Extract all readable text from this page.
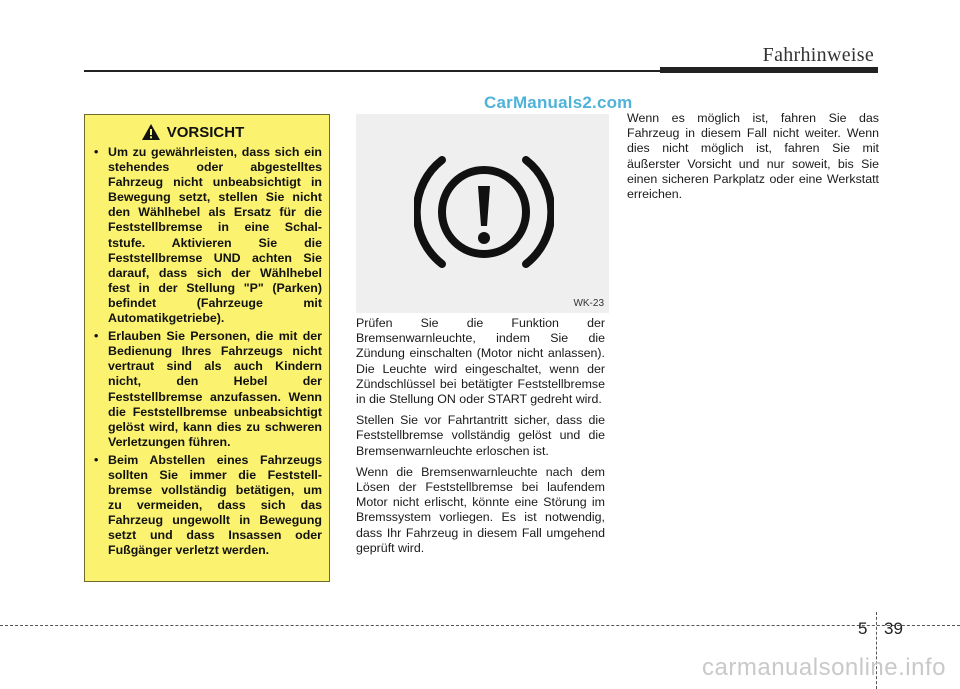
Fahrhinweise
CarManuals2.com
VORSICHT
• Um zu gewährleisten, dass sich ein stehendes oder abgestelltes Fahrzeug nicht unbeabsichtigt in Bewegung setzt, stellen Sie nicht den Wählhebel als Ersatz für die Feststellbremse in eine Schal-tstufe. Aktivieren Sie die Feststellbremse UND achten Sie darauf, dass sich der Wählhebel fest in der Stellung "P" (Parken) befindet (Fahrzeuge mit Automatikgetriebe).
• Erlauben Sie Personen, die mit der Bedienung Ihres Fahrzeugs nicht vertraut sind als auch Kindern nicht, den Hebel der Feststellbremse anzufassen. Wenn die Feststellbremse unbeabsichtigt gelöst wird, kann dies zu schweren Verletzungen führen.
• Beim Abstellen eines Fahrzeugs sollten Sie immer die Feststell-bremse vollständig betätigen, um zu vermeiden, dass sich das Fahrzeug ungewollt in Bewegung setzt und dass Insassen oder Fußgänger verletzt werden.
WK-23

Prüfen Sie die Funktion der Bremsenwarnleuchte, indem Sie die Zündung einschalten (Motor nicht anlassen). Die Leuchte wird eingeschaltet, wenn der Zündschlüssel bei betätigter Feststellbremse in die Stellung ON oder START gedreht wird.

Stellen Sie vor Fahrtantritt sicher, dass die Feststellbremse vollständig gelöst und die Bremsenwarnleuchte erloschen ist.

Wenn die Bremsenwarnleuchte nach dem Lösen der Feststellbremse bei laufendem Motor nicht erlischt, könnte eine Störung im Bremssystem vorliegen. Es ist notwendig, dass Ihr Fahrzeug in diesem Fall umgehend geprüft wird.

Wenn es möglich ist, fahren Sie das Fahrzeug in diesem Fall nicht weiter. Wenn dies nicht möglich ist, fahren Sie mit äußerster Vorsicht und nur soweit, bis Sie einen sicheren Parkplatz oder eine Werkstatt erreichen.

5 39
carmanualsonline.info
